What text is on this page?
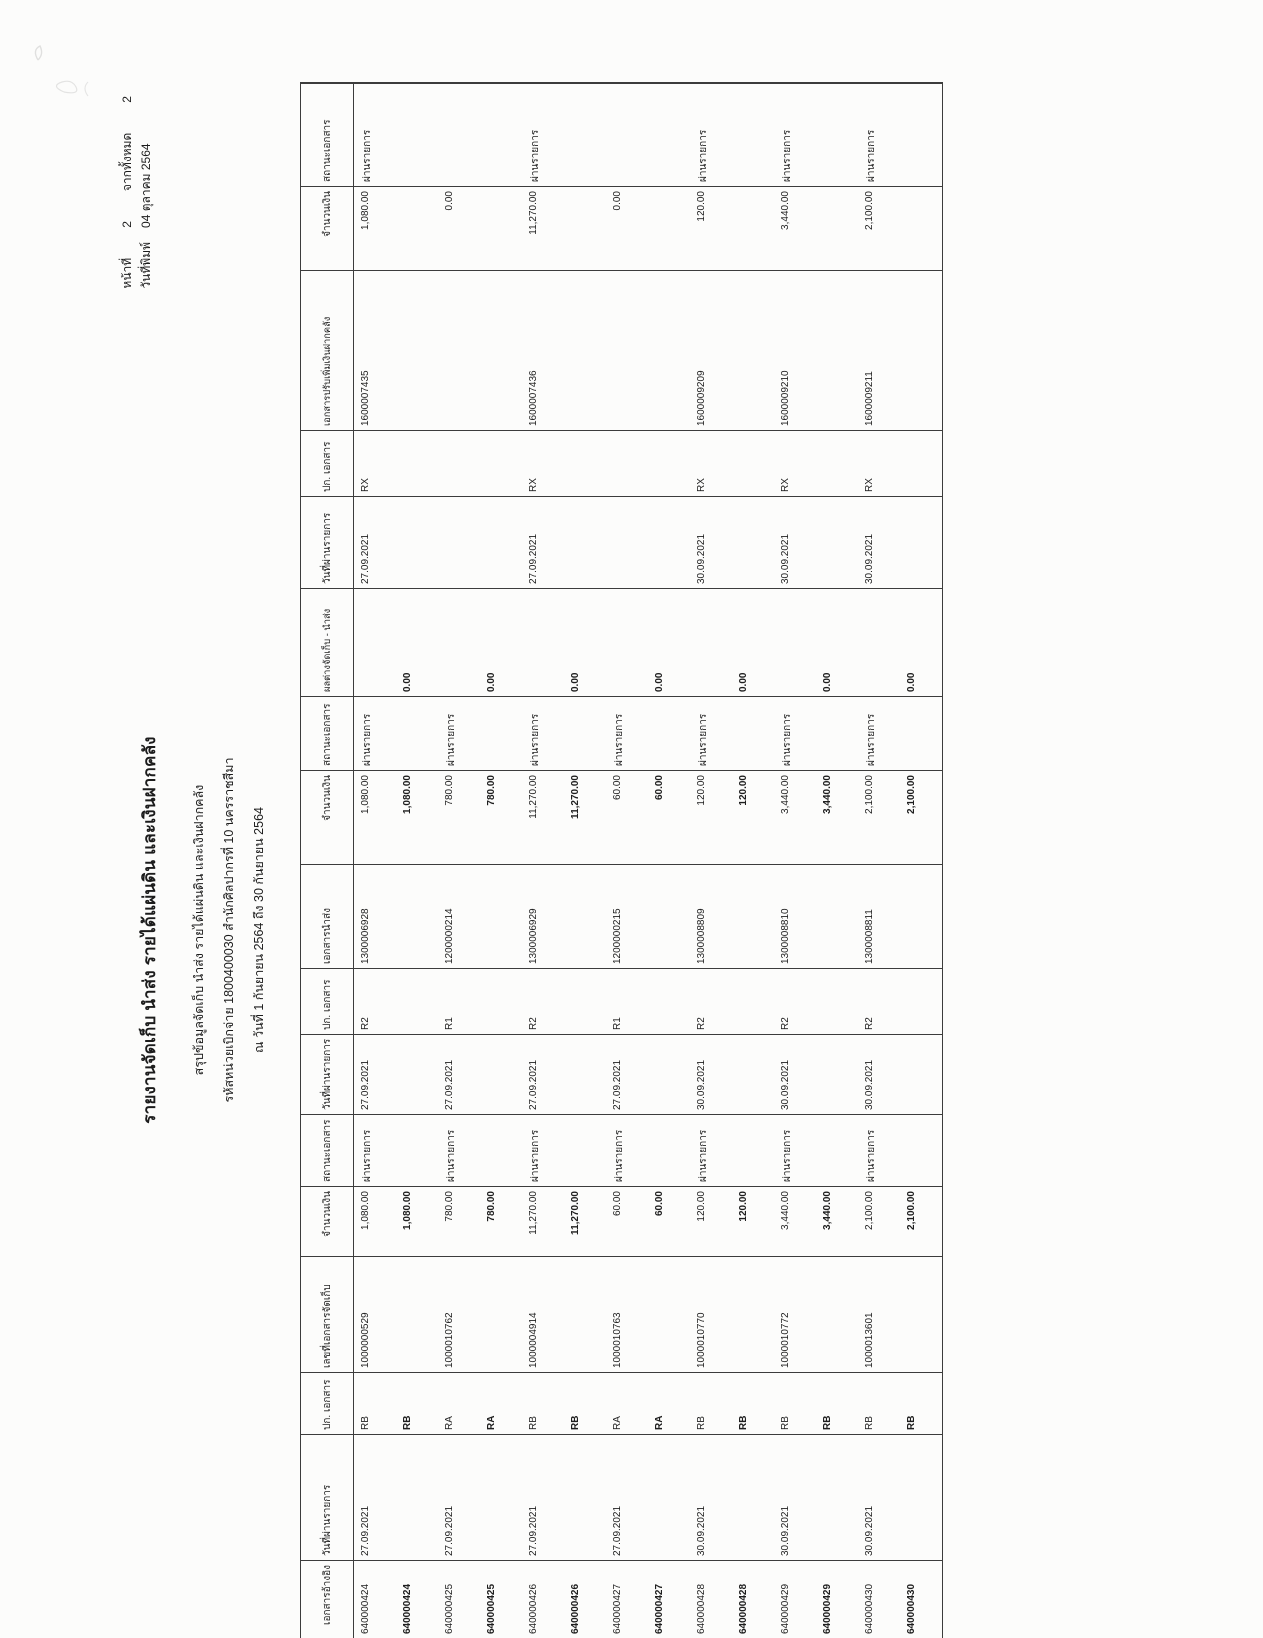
หน้าที่
2
จากทั้งหมด
2
วันที่พิมพ์
04 ตุลาคม 2564
รายงานจัดเก็บ นำส่ง รายได้แผ่นดิน และเงินฝากคลัง	สรุปข้อมูลจัดเก็บ นำส่ง รายได้แผ่นดิน และเงินฝากคลัง รหัสหน่วยเบิกจ่าย 1800400030 สำนักศิลปากรที่ 10 นครราชสีมา ณ วันที่ 1 กันยายน 2564 ถึง 30 กันยายน 2564
เอกสารอ้างอิง
วันที่ผ่านรายการ
ปก. เอกสาร
เลขที่เอกสารจัดเก็บ
จำนวนเงิน
สถานะเอกสาร
วันที่ผ่านรายการ
ปก. เอกสาร
เอกสารนำส่ง
จำนวนเงิน
สถานะเอกสาร
ผลต่างจัดเก็บ - นำส่ง
วันที่ผ่านรายการ
ปก. เอกสาร
เอกสารปรับเพิ่มเงินฝากคลัง
จำนวนเงิน
สถานะเอกสาร
640000424
27.09.2021
RB
1000000529
1,080.00
ผ่านรายการ
27.09.2021
R2
1300006928
1,080.00
ผ่านรายการ
27.09.2021
RX
1600007435
1,080.00
ผ่านรายการ
640000424
RB
1,080.00
1,080.00
0.00
640000425
27.09.2021
RA
1000010762
780.00
ผ่านรายการ
27.09.2021
R1
1200000214
780.00
ผ่านรายการ
0.00
640000425
RA
780.00
780.00
0.00
640000426
27.09.2021
RB
1000004914
11,270.00
ผ่านรายการ
27.09.2021
R2
1300006929
11,270.00
ผ่านรายการ
27.09.2021
RX
1600007436
11,270.00
ผ่านรายการ
640000426
RB
11,270.00
11,270.00
0.00
640000427
27.09.2021
RA
1000010763
60.00
ผ่านรายการ
27.09.2021
R1
1200000215
60.00
ผ่านรายการ
0.00
640000427
RA
60.00
60.00
0.00
640000428
30.09.2021
RB
1000010770
120.00
ผ่านรายการ
30.09.2021
R2
1300008809
120.00
ผ่านรายการ
30.09.2021
RX
1600009209
120.00
ผ่านรายการ
640000428
RB
120.00
120.00
0.00
640000429
30.09.2021
RB
1000010772
3,440.00
ผ่านรายการ
30.09.2021
R2
1300008810
3,440.00
ผ่านรายการ
30.09.2021
RX
1600009210
3,440.00
ผ่านรายการ
640000429
RB
3,440.00
3,440.00
0.00
640000430
30.09.2021
RB
1000013601
2,100.00
ผ่านรายการ
30.09.2021
R2
1300008811
2,100.00
ผ่านรายการ
30.09.2021
RX
1600009211
2,100.00
ผ่านรายการ
640000430
RB
2,100.00
2,100.00
0.00
